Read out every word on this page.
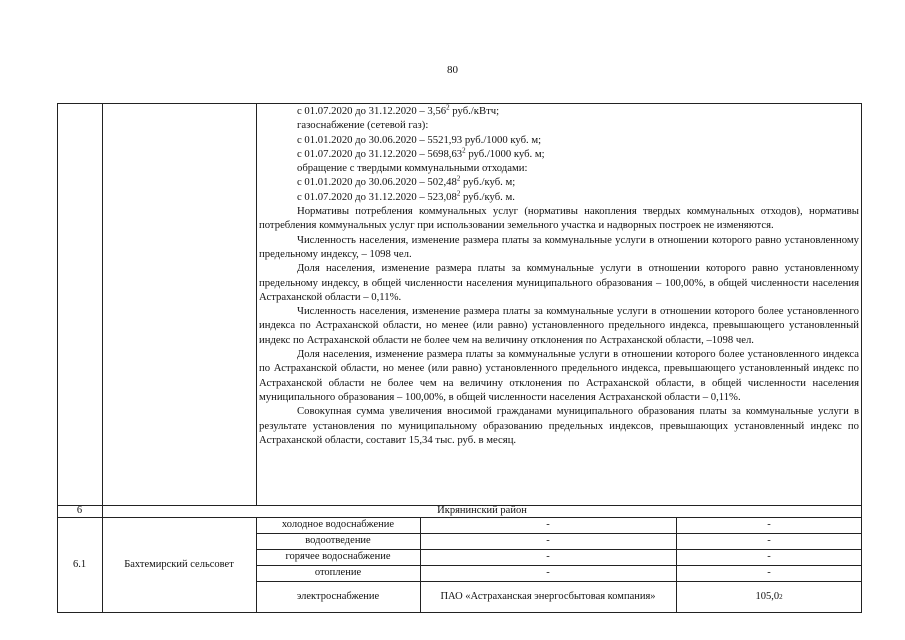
80

с 01.07.2020 до 31.12.2020 – 3,56$^2$ руб./кВтч;

газоснабжение (сетевой газ):

с 01.01.2020 до 30.06.2020 – 5521,93 руб./1000 куб. м;

с 01.07.2020 до 31.12.2020 – 5698,63$^2$ руб./1000 куб. м;

обращение с твердыми коммунальными отходами:

с 01.01.2020 до 30.06.2020 – 502,48$^2$ руб./куб. м;

с 01.07.2020 до 31.12.2020 – 523,08$^2$ руб./куб. м.

Нормативы потребления коммунальных услуг (нормативы накопления твердых коммунальных отходов), нормативы потребления коммунальных услуг при использовании земельного участка и надворных построек не изменяются.

Численность населения, изменение размера платы за коммунальные услуги в отношении которого равно установленному предельному индексу, – 1098 чел.

Доля населения, изменение размера платы за коммунальные услуги в отношении которого равно установленному предельному индексу, в общей численности населения муниципального образования – 100,00%, в общей численности населения Астраханской области – 0,11%.

Численность населения, изменение размера платы за коммунальные услуги в отношении которого более установленного индекса по Астраханской области, но менее (или равно) установленного предельного индекса, превышающего установленный индекс по Астраханской области не более чем на величину отклонения по Астраханской области, –1098 чел.

Доля населения, изменение размера платы за коммунальные услуги в отношении которого более установленного индекса по Астраханской области, но менее (или равно) установленного предельного индекса, превышающего установленный индекс по Астраханской области не более чем на величину отклонения по Астраханской области, в общей численности населения муниципального образования – 100,00%, в общей численности населения Астраханской области – 0,11%.

Совокупная сумма увеличения вносимой гражданами муниципального образования платы за коммунальные услуги в результате установления по муниципальному образованию предельных индексов, превышающих установленный индекс по Астраханской области, составит 15,34 тыс. руб. в месяц.

6	Икрянинский район
6.1	Бахтемирский сельсовет
холодное водоснабжение	-	-
водоотведение	-	-
горячее водоснабжение	-	-
отопление	-	-
электроснабжение	ПАО «Астраханская энергосбытовая компания»	105,0 2
